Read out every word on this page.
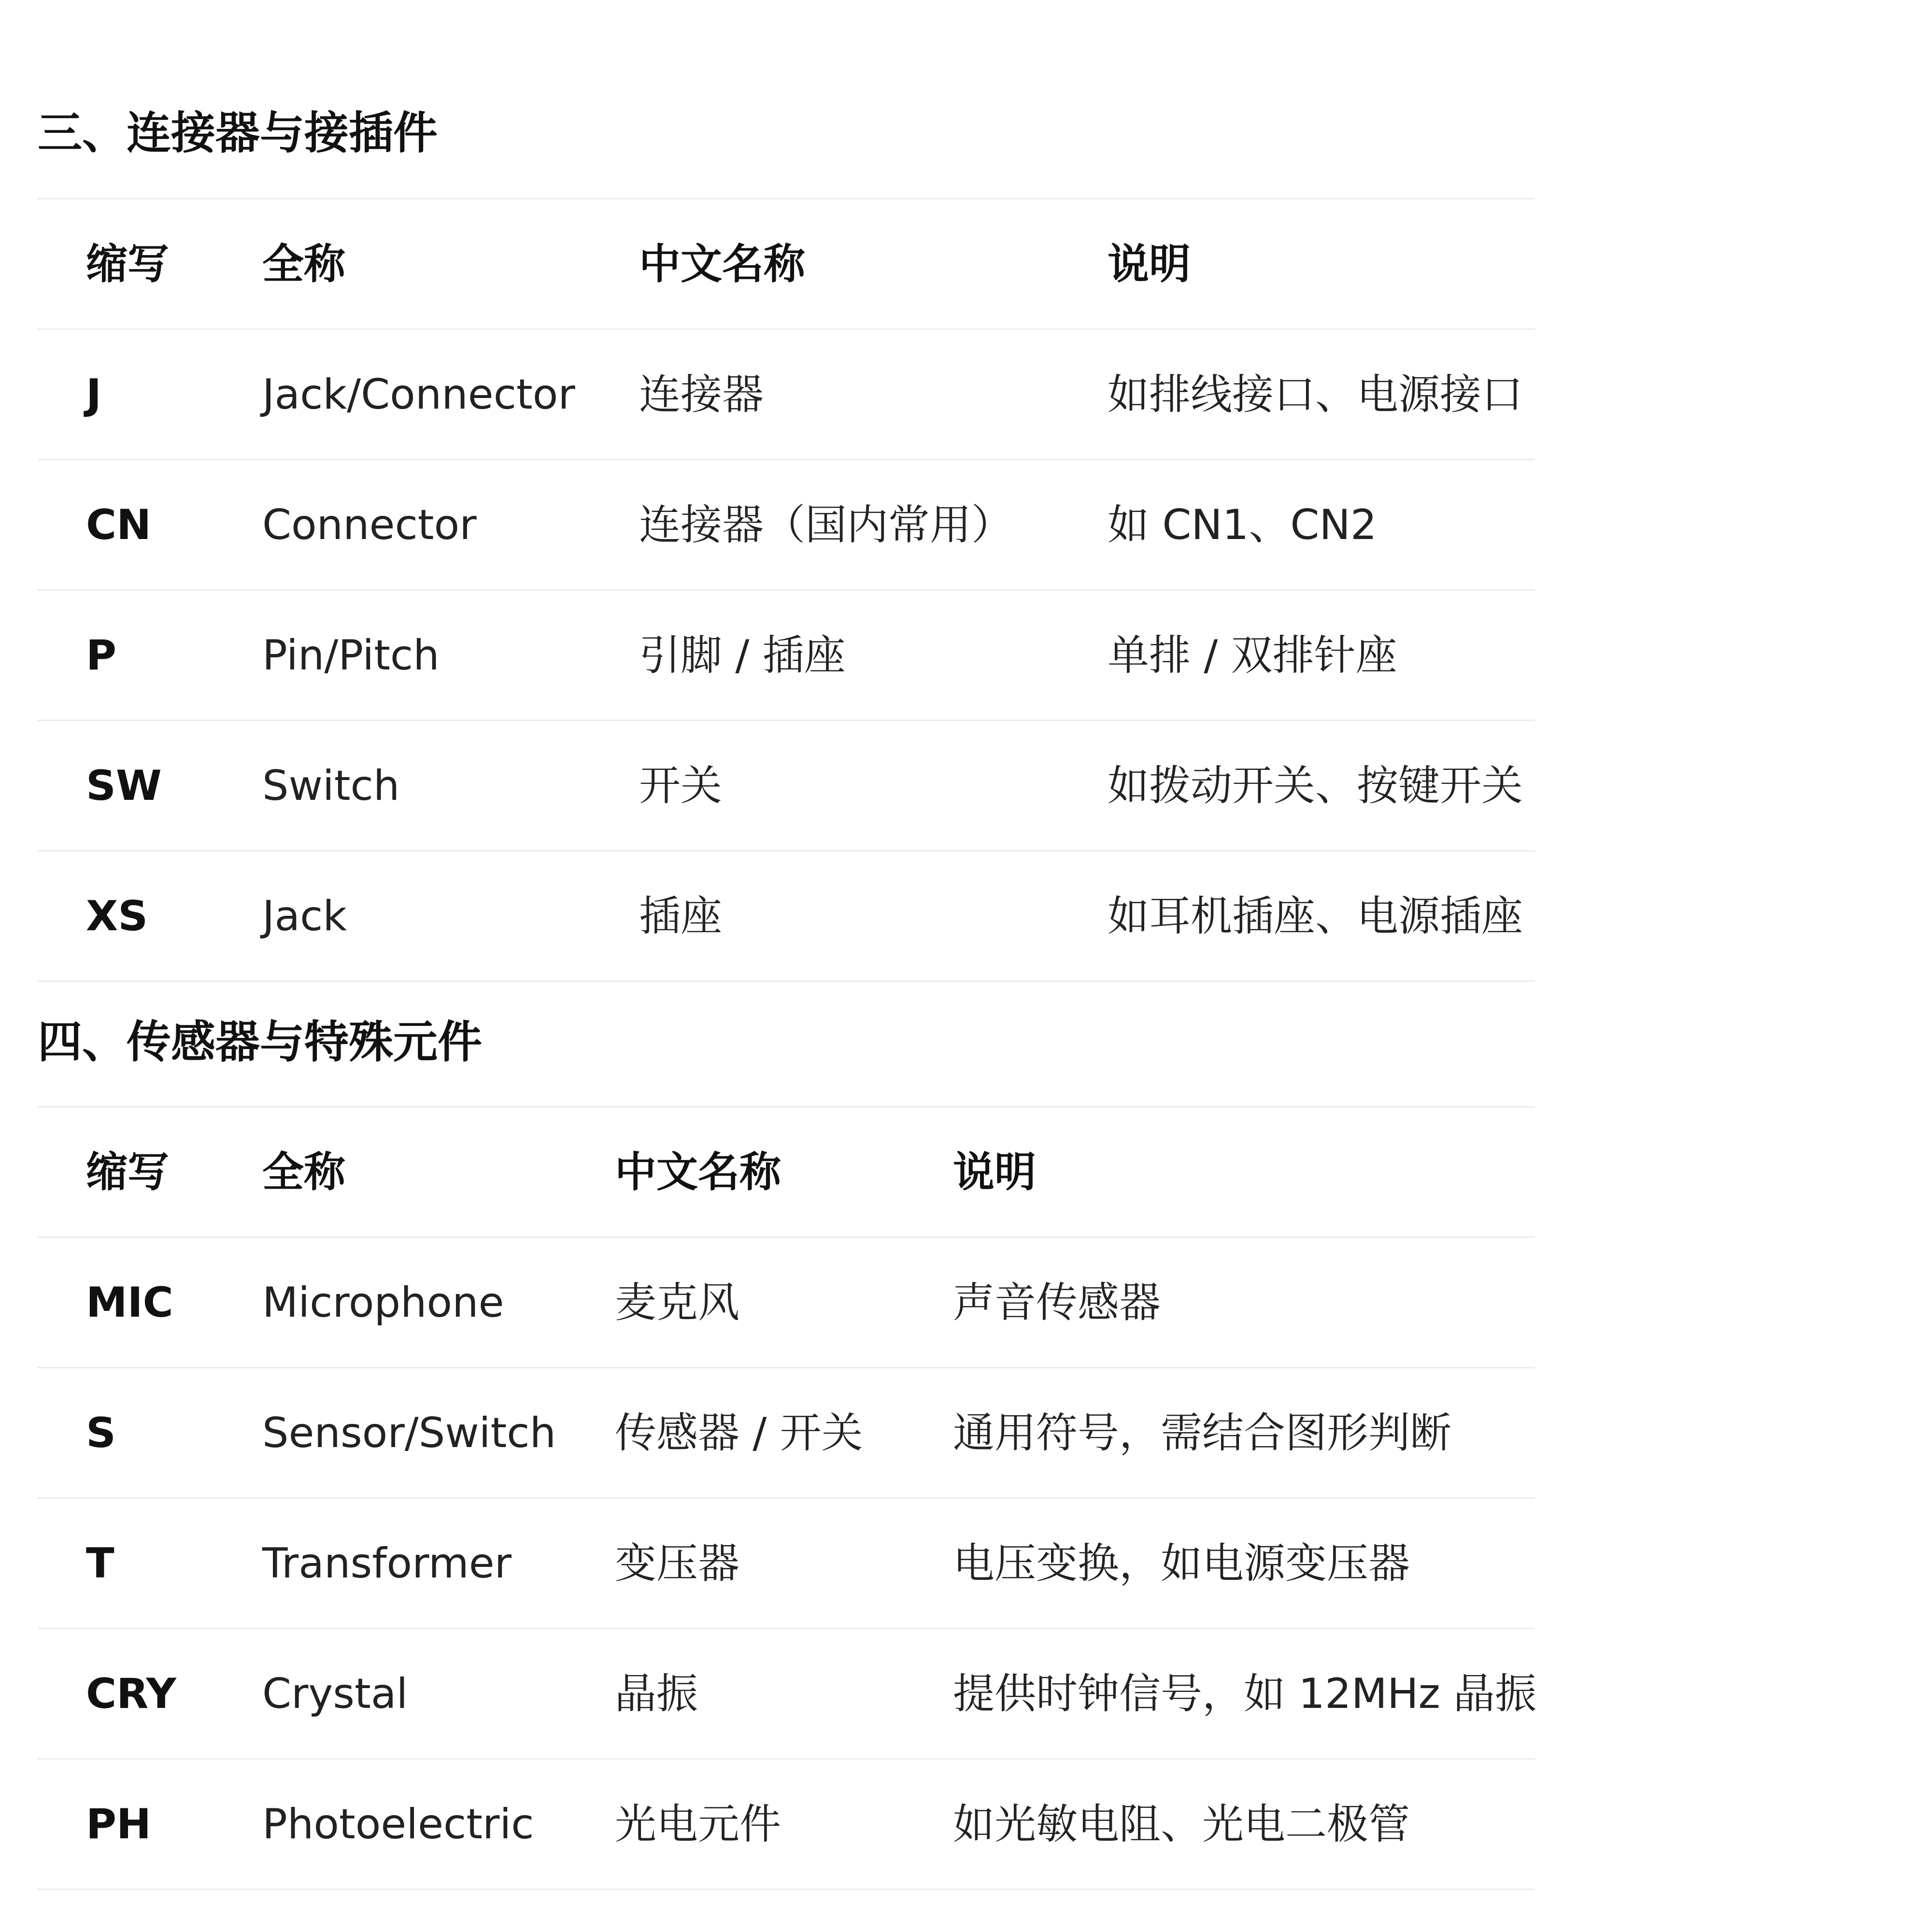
三、连接器与接插件
缩写	全称	中文名称	说明
J	Jack/Connector	连接器	如排线接口、电源接口
CN	Connector	连接器（国内常用）	如 CN1、CN2
P	Pin/Pitch	引脚 / 插座	单排 / 双排针座
SW	Switch	开关	如拨动开关、按键开关
XS	Jack	插座	如耳机插座、电源插座
四、传感器与特殊元件
缩写	全称	中文名称	说明
MIC	Microphone	麦克风	声音传感器
S	Sensor/Switch	传感器 / 开关	通用符号，需结合图形判断
T	Transformer	变压器	电压变换，如电源变压器
CRY	Crystal	晶振	提供时钟信号，如 12MHz 晶振
PH	Photoelectric	光电元件	如光敏电阻、光电二极管
